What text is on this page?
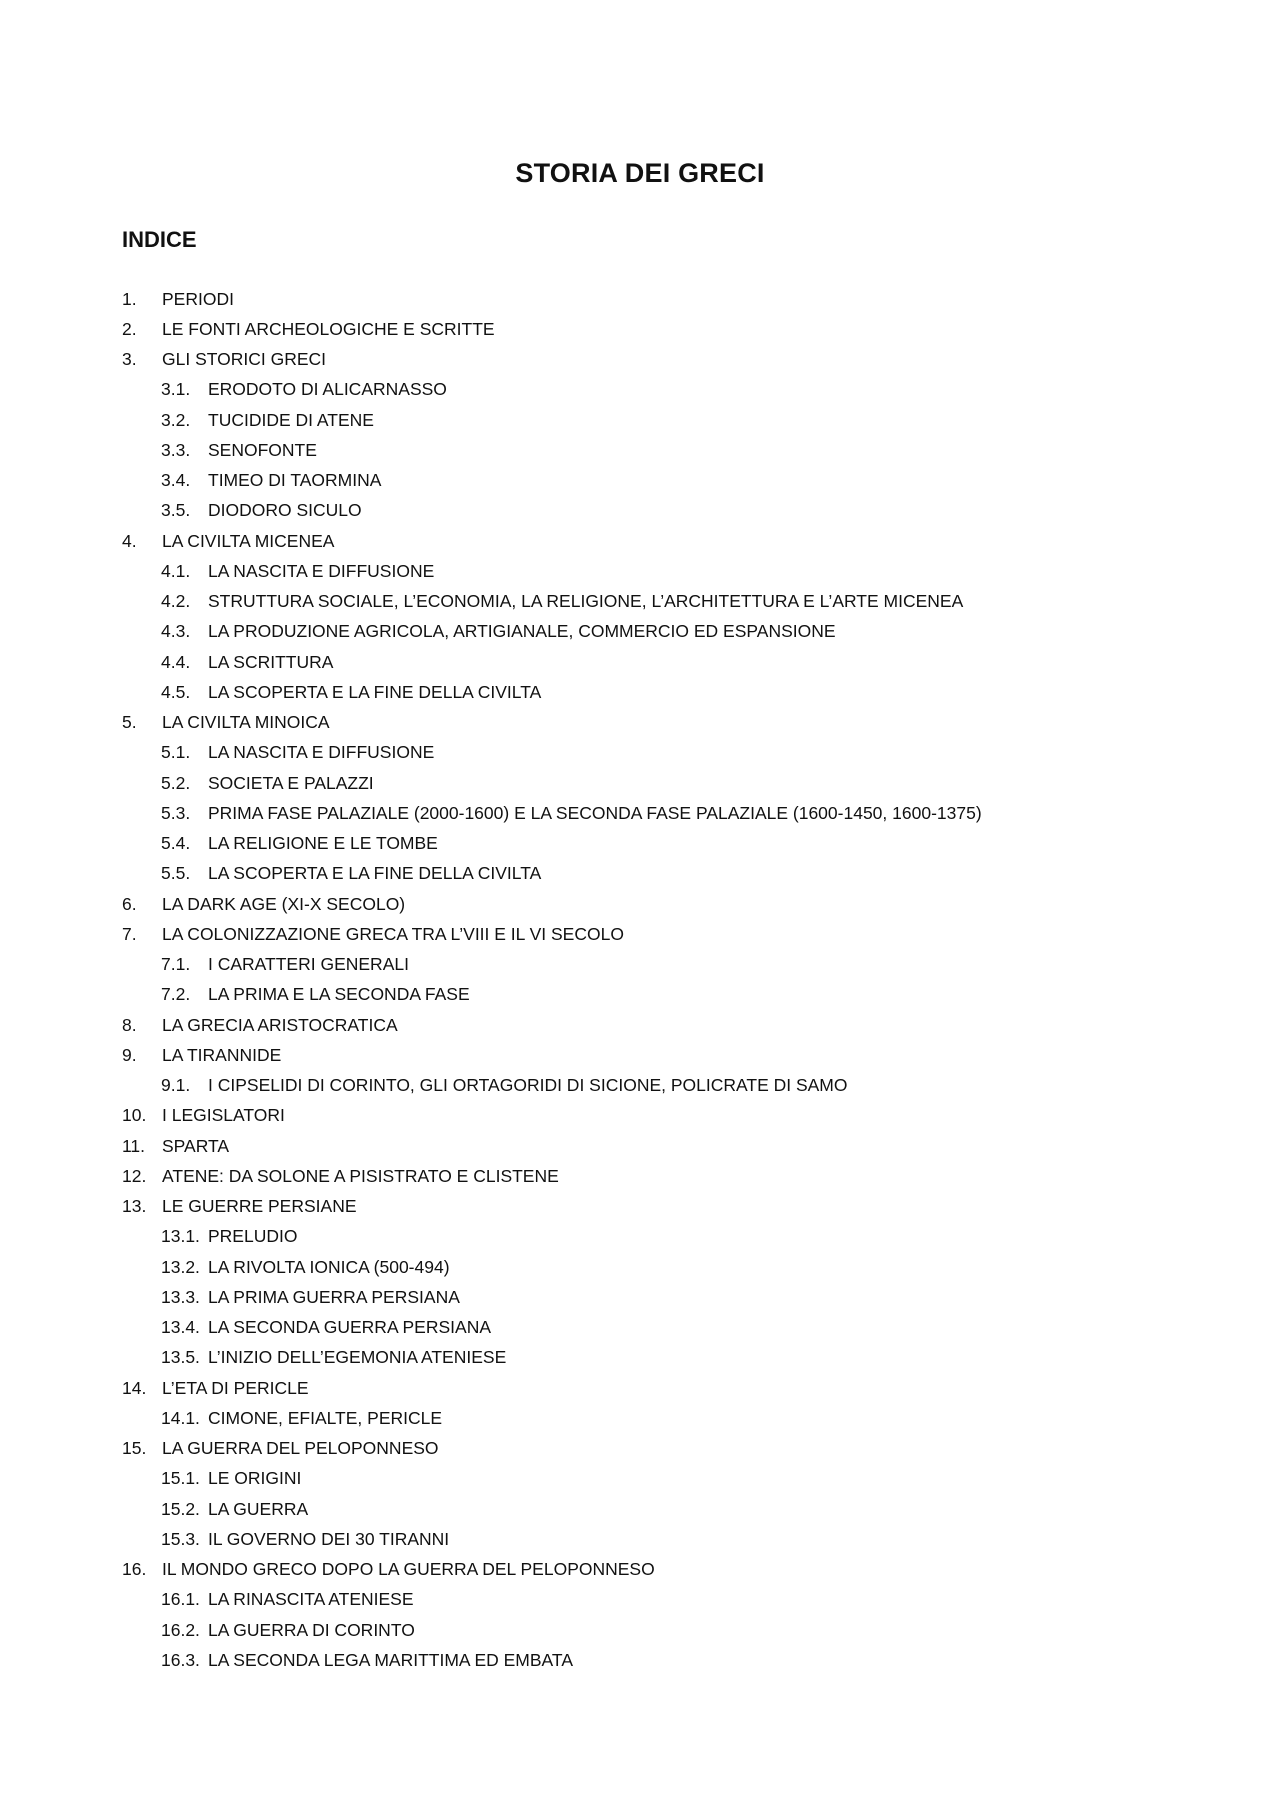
STORIA DEI GRECI
INDICE
1.	PERIODI
2.	LE FONTI ARCHEOLOGICHE E SCRITTE
3.	GLI STORICI GRECI
3.1.	ERODOTO DI ALICARNASSO
3.2.	TUCIDIDE DI ATENE
3.3.	SENOFONTE
3.4.	TIMEO DI TAORMINA
3.5.	DIODORO SICULO
4.	LA CIVILTA MICENEA
4.1.	LA NASCITA E DIFFUSIONE
4.2.	STRUTTURA SOCIALE, L’ECONOMIA, LA RELIGIONE, L’ARCHITETTURA E L’ARTE MICENEA
4.3.	LA PRODUZIONE AGRICOLA, ARTIGIANALE, COMMERCIO ED ESPANSIONE
4.4.	LA SCRITTURA
4.5.	LA SCOPERTA E LA FINE DELLA CIVILTA
5.	LA CIVILTA MINOICA
5.1.	LA NASCITA E DIFFUSIONE
5.2.	SOCIETA E PALAZZI
5.3.	PRIMA FASE PALAZIALE (2000-1600) E LA SECONDA FASE PALAZIALE (1600-1450, 1600-1375)
5.4.	LA RELIGIONE E LE TOMBE
5.5.	LA SCOPERTA E LA FINE DELLA CIVILTA
6.	LA DARK AGE (XI-X SECOLO)
7.	LA COLONIZZAZIONE GRECA TRA L’VIII E IL VI SECOLO
7.1.	I CARATTERI GENERALI
7.2.	LA PRIMA E LA SECONDA FASE
8.	LA GRECIA ARISTOCRATICA
9.	LA TIRANNIDE
9.1.	I CIPSELIDI DI CORINTO, GLI ORTAGORIDI DI SICIONE, POLICRATE DI SAMO
10. I LEGISLATORI
11. SPARTA
12. ATENE: DA SOLONE A PISISTRATO E CLISTENE
13. LE GUERRE PERSIANE
13.1. PRELUDIO
13.2. LA RIVOLTA IONICA (500-494)
13.3. LA PRIMA GUERRA PERSIANA
13.4. LA SECONDA GUERRA PERSIANA
13.5. L’INIZIO DELL’EGEMONIA ATENIESE
14. L’ETA DI PERICLE
14.1. CIMONE, EFIALTE, PERICLE
15. LA GUERRA DEL PELOPONNESO
15.1. LE ORIGINI
15.2. LA GUERRA
15.3. IL GOVERNO DEI 30 TIRANNI
16. IL MONDO GRECO DOPO LA GUERRA DEL PELOPONNESO
16.1. LA RINASCITA ATENIESE
16.2. LA GUERRA DI CORINTO
16.3. LA SECONDA LEGA MARITTIMA ED EMBATA
